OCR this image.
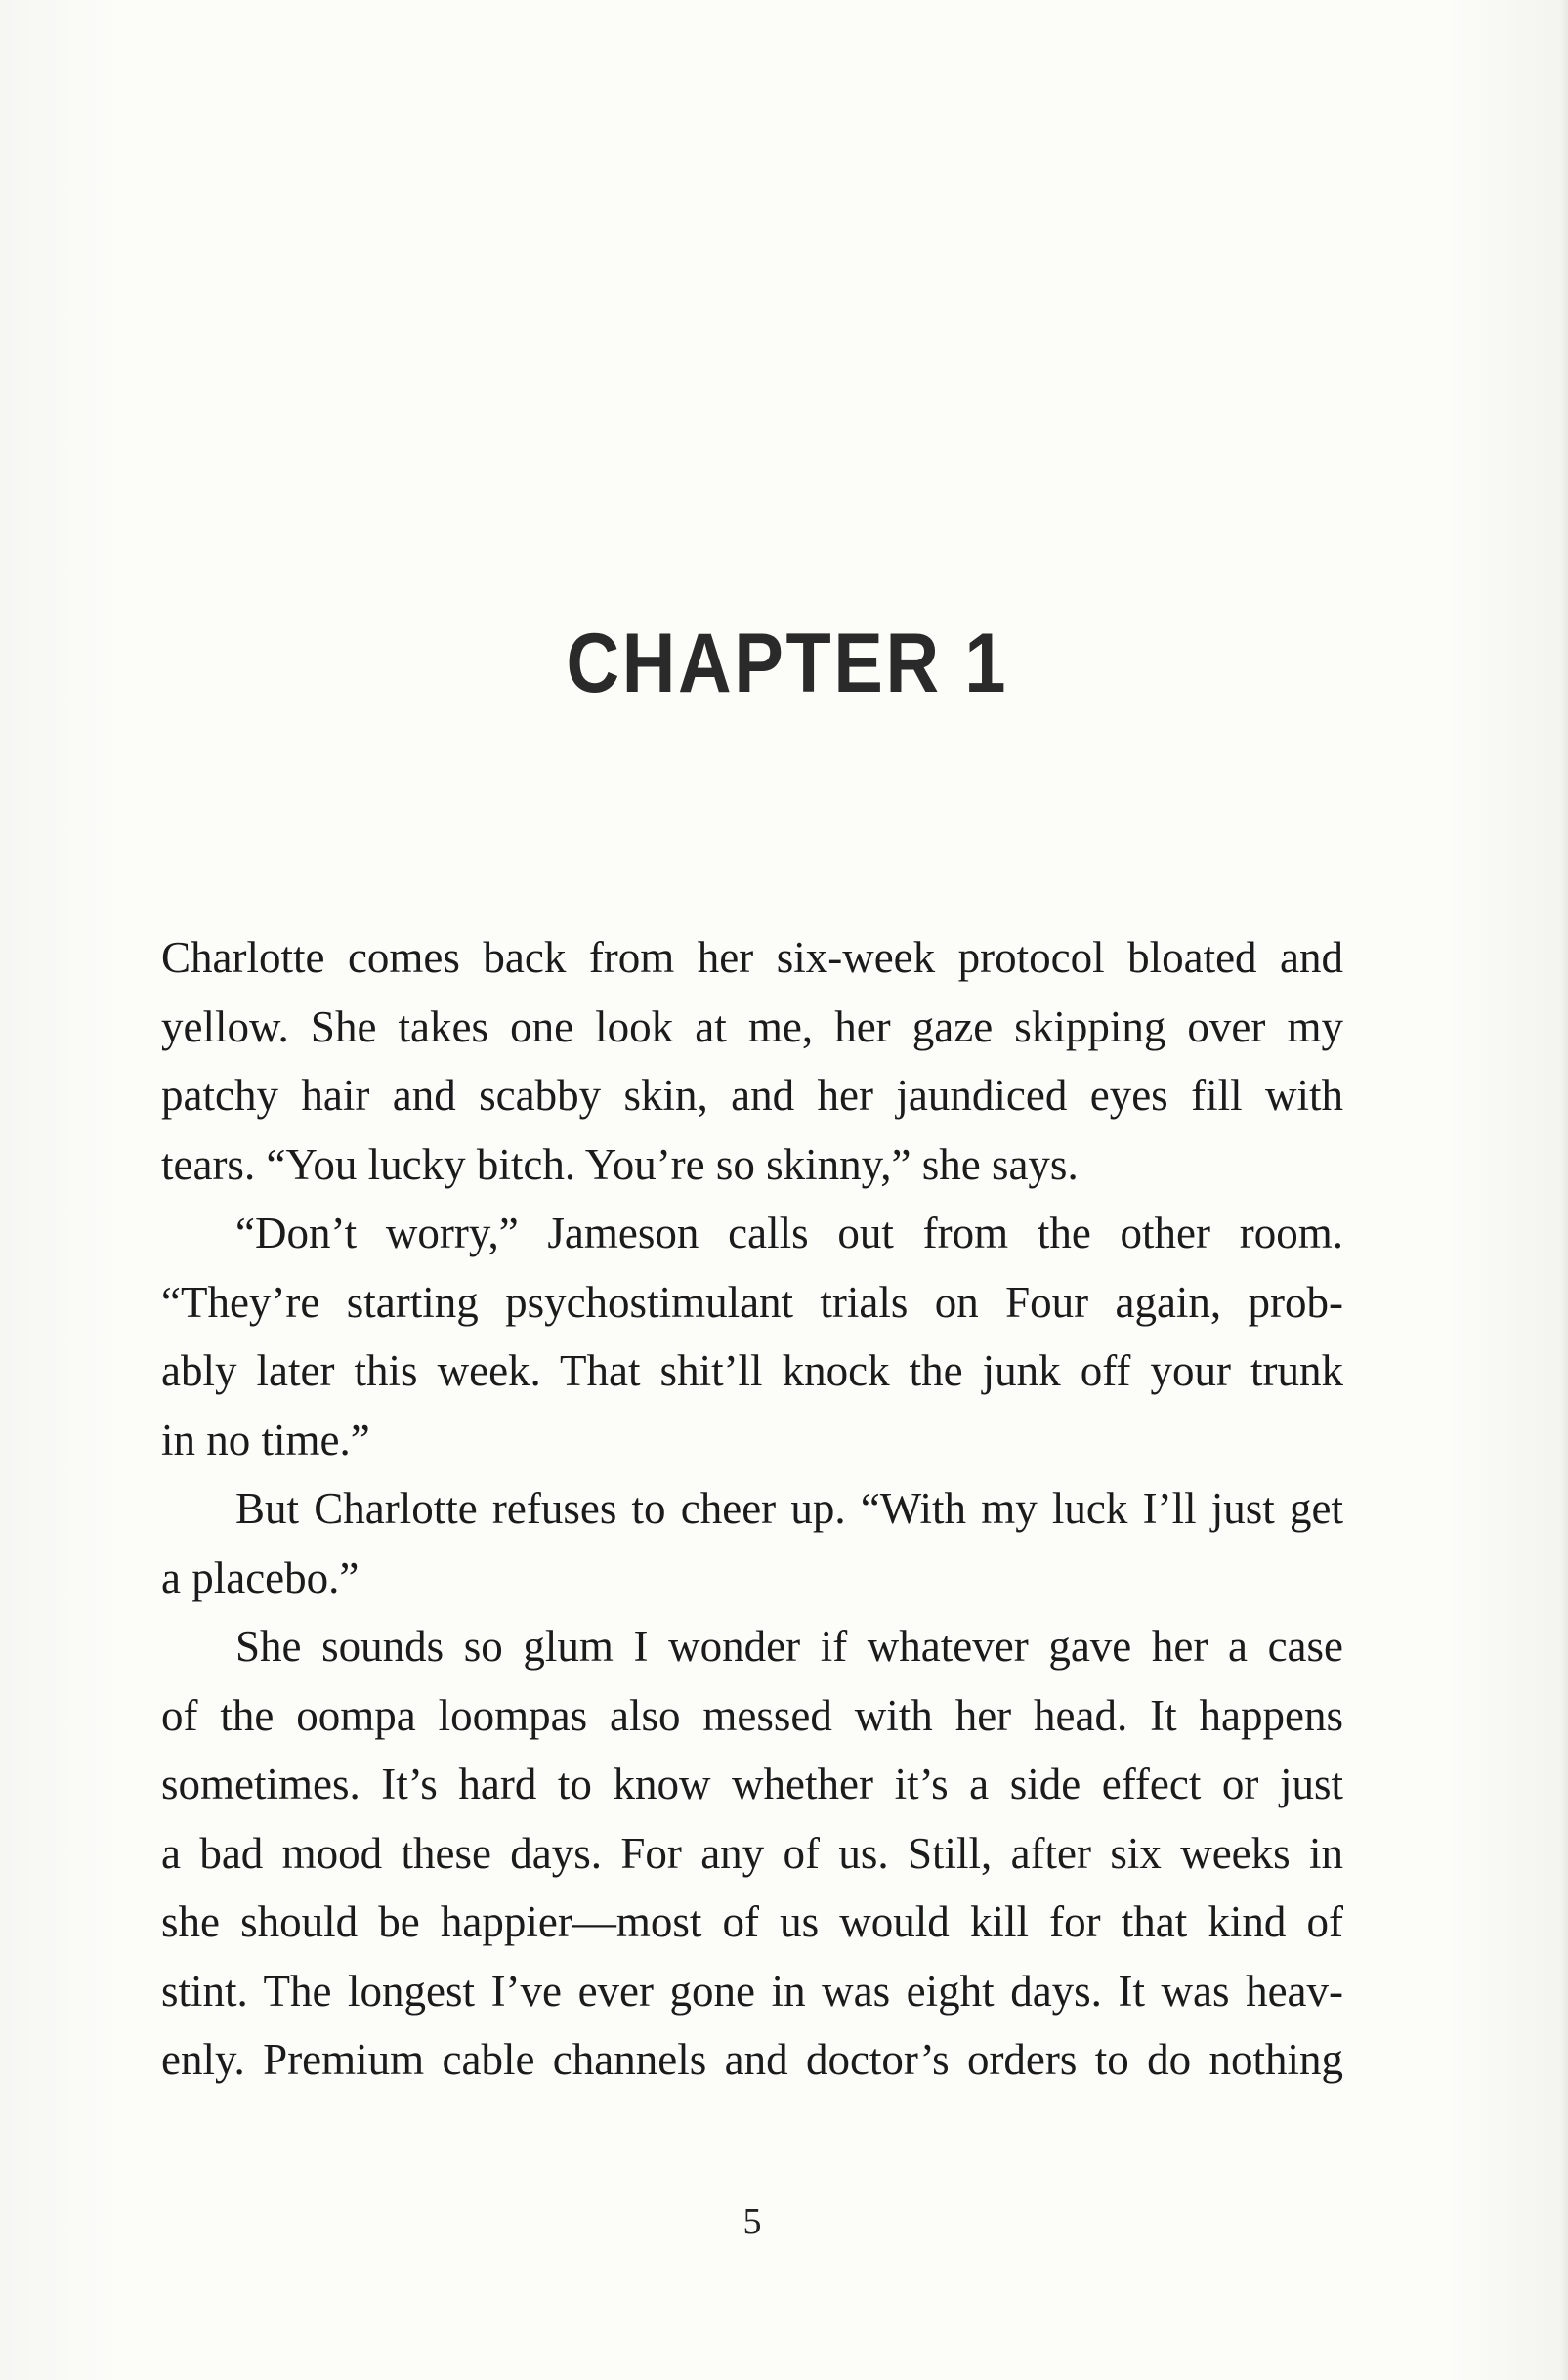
CHAPTER 1
Charlotte comes back from her six-week protocol bloated and
yellow. She takes one look at me, her gaze skipping over my
patchy hair and scabby skin, and her jaundiced eyes fill with
tears. “You lucky bitch. You’re so skinny,” she says.
“Don’t worry,” Jameson calls out from the other room.
“They’re starting psychostimulant trials on Four again, prob-
ably later this week. That shit’ll knock the junk off your trunk
in no time.”
But Charlotte refuses to cheer up. “With my luck I’ll just get
a placebo.”
She sounds so glum I wonder if whatever gave her a case
of the oompa loompas also messed with her head. It happens
sometimes. It’s hard to know whether it’s a side effect or just
a bad mood these days. For any of us. Still, after six weeks in
she should be happier—most of us would kill for that kind of
stint. The longest I’ve ever gone in was eight days. It was heav-
enly. Premium cable channels and doctor’s orders to do nothing
5
